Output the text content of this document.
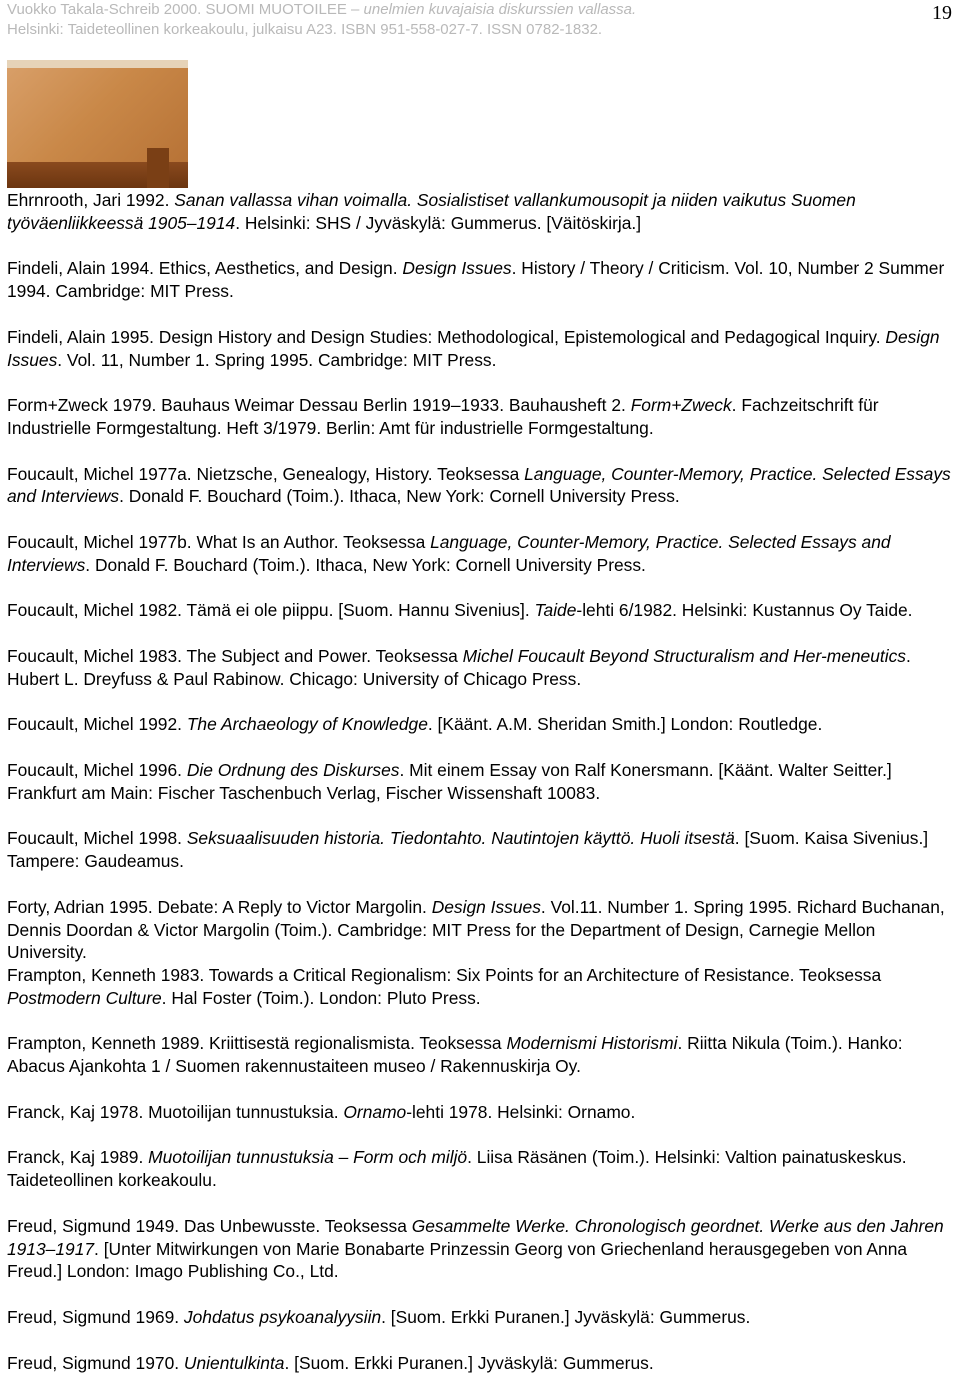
Vuokko Takala-Schreib 2000. SUOMI MUOTOILEE – unelmien kuvajaisia diskurssien vallassa.
Helsinki: Taideteollinen korkeakoulu, julkaisu A23. ISBN 951-558-027-7. ISSN 0782-1832.
19

Ehrnrooth, Jari 1992. Sanan vallassa vihan voimalla. Sosialistiset vallankumousopit ja niiden vaikutus Suomen työväenliikkeessä 1905–1914. Helsinki: SHS / Jyväskylä: Gummerus. [Väitöskirja.]

Findeli, Alain 1994. Ethics, Aesthetics, and Design. Design Issues. History / Theory / Criticism. Vol. 10, Number 2 Summer 1994. Cambridge: MIT Press.

Findeli, Alain 1995. Design History and Design Studies: Methodological, Epistemological and Pedagogical Inquiry. Design Issues. Vol. 11, Number 1. Spring 1995. Cambridge: MIT Press.

Form+Zweck 1979. Bauhaus Weimar Dessau Berlin 1919–1933. Bauhausheft 2. Form+Zweck. Fachzeitschrift für Industrielle Formgestaltung. Heft 3/1979. Berlin: Amt für industrielle Formgestaltung.

Foucault, Michel 1977a. Nietzsche, Genealogy, History. Teoksessa Language, Counter-Memory, Practice. Selected Essays and Interviews. Donald F. Bouchard (Toim.). Ithaca, New York: Cornell University Press.

Foucault, Michel 1977b. What Is an Author. Teoksessa Language, Counter-Memory, Practice. Selected Essays and Interviews. Donald F. Bouchard (Toim.). Ithaca, New York: Cornell University Press.

Foucault, Michel 1982. Tämä ei ole piippu. [Suom. Hannu Sivenius]. Taide-lehti 6/1982. Helsinki: Kustannus Oy Taide.

Foucault, Michel 1983. The Subject and Power. Teoksessa Michel Foucault Beyond Structuralism and Her-meneutics. Hubert L. Dreyfuss & Paul Rabinow. Chicago: University of Chicago Press.

Foucault, Michel 1992. The Archaeology of Knowledge. [Käänt. A.M. Sheridan Smith.] London: Routledge.

Foucault, Michel 1996. Die Ordnung des Diskurses. Mit einem Essay von Ralf Konersmann. [Käänt. Walter Seitter.] Frankfurt am Main: Fischer Taschenbuch Verlag, Fischer Wissenshaft 10083.

Foucault, Michel 1998. Seksuaalisuuden historia. Tiedontahto. Nautintojen käyttö. Huoli itsestä. [Suom. Kaisa Sivenius.] Tampere: Gaudeamus.

Forty, Adrian 1995. Debate: A Reply to Victor Margolin. Design Issues. Vol.11. Number 1. Spring 1995. Richard Buchanan, Dennis Doordan & Victor Margolin (Toim.). Cambridge: MIT Press for the Department of Design, Carnegie Mellon University.

Frampton, Kenneth 1983. Towards a Critical Regionalism: Six Points for an Architecture of Resistance. Teoksessa Postmodern Culture. Hal Foster (Toim.). London: Pluto Press.

Frampton, Kenneth 1989. Kriittisestä regionalismista. Teoksessa Modernismi Historismi. Riitta Nikula (Toim.). Hanko: Abacus Ajankohta 1 / Suomen rakennustaiteen museo / Rakennuskirja Oy.

Franck, Kaj 1978. Muotoilijan tunnustuksia. Ornamo-lehti 1978. Helsinki: Ornamo.

Franck, Kaj 1989. Muotoilijan tunnustuksia – Form och miljö. Liisa Räsänen (Toim.). Helsinki: Valtion painatuskeskus. Taideteollinen korkeakoulu.

Freud, Sigmund 1949. Das Unbewusste. Teoksessa Gesammelte Werke. Chronologisch geordnet. Werke aus den Jahren 1913–1917. [Unter Mitwirkungen von Marie Bonabarte Prinzessin Georg von Griechenland herausgegeben von Anna Freud.] London: Imago Publishing Co., Ltd.

Freud, Sigmund 1969. Johdatus psykoanalyysiin. [Suom. Erkki Puranen.] Jyväskylä: Gummerus.

Freud, Sigmund 1970. Unientulkinta. [Suom. Erkki Puranen.] Jyväskylä: Gummerus.
